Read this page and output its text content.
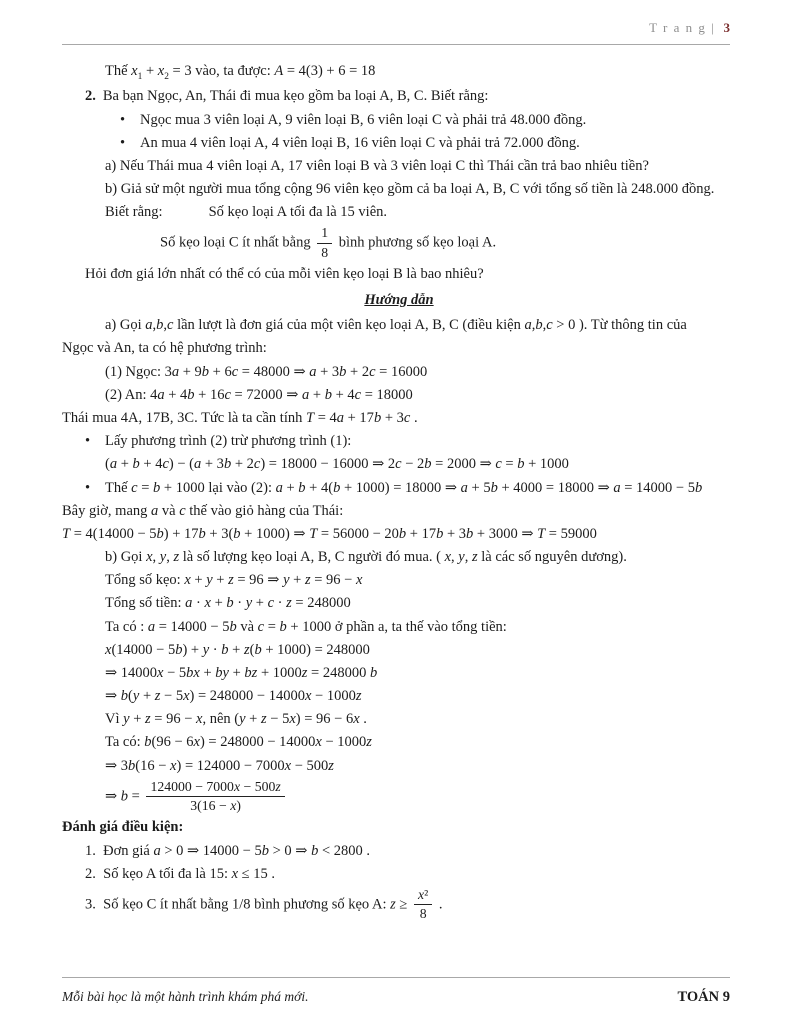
T r a n g | 3
Thế $x_1 + x_2 = 3$ vào, ta được: A = 4(3) + 6 = 18
2. Ba bạn Ngọc, An, Thái đi mua kẹo gồm ba loại A, B, C. Biết rằng:
• Ngọc mua 3 viên loại A, 9 viên loại B, 6 viên loại C và phải trả 48.000 đồng.
• An mua 4 viên loại A, 4 viên loại B, 16 viên loại C và phải trả 72.000 đồng.
a) Nếu Thái mua 4 viên loại A, 17 viên loại B và 3 viên loại C thì Thái cần trả bao nhiêu tiền?
b) Giả sử một người mua tổng cộng 96 viên kẹo gồm cả ba loại A, B, C với tổng số tiền là 248.000 đồng.
Biết rằng:	Số kẹo loại A tối đa là 15 viên.
Số kẹo loại C ít nhất bằng $\frac{1}{8}$ bình phương số kẹo loại A.
Hỏi đơn giá lớn nhất có thể có của mỗi viên kẹo loại B là bao nhiêu?
Hướng dẫn
a) Gọi a,b,c lần lượt là đơn giá của một viên kẹo loại A, B, C (điều kiện a,b,c > 0 ). Từ thông tin của
Ngọc và An, ta có hệ phương trình:
(1) Ngọc: 3a + 9b + 6c = 48000 ⇒ a + 3b + 2c = 16000
(2) An: 4a + 4b + 16c = 72000 ⇒ a + b + 4c = 18000
Thái mua 4A, 17B, 3C. Tức là ta cần tính T = 4a + 17b + 3c .
• Lấy phương trình (2) trừ phương trình (1):
(a + b + 4c) − (a + 3b + 2c) = 18000 − 16000 ⇒ 2c − 2b = 2000 ⇒ c = b + 1000
• Thế c = b + 1000 lại vào (2): a + b + 4(b + 1000) = 18000 ⇒ a + 5b + 4000 = 18000 ⇒ a = 14000 − 5b
Bây giờ, mang a và c thế vào giỏ hàng của Thái:
T = 4(14000 − 5b) + 17b + 3(b + 1000) ⇒ T = 56000 − 20b + 17b + 3b + 3000 ⇒ T = 59000
b) Gọi x, y, z là số lượng kẹo loại A, B, C người đó mua. ( x, y, z là các số nguyên dương).
Tổng số kẹo: x + y + z = 96 ⇒ y + z = 96 − x
Tổng số tiền: a · x + b · y + c · z = 248000
Ta có : a = 14000 − 5b và c = b + 1000 ở phần a, ta thế vào tổng tiền:
x(14000 − 5b) + y · b + z(b + 1000) = 248000
⇒ 14000x − 5bx + by + bz + 1000z = 248000 b
⇒ b(y + z − 5x) = 248000 − 14000x − 1000z
Vì y + z = 96 − x, nên (y + z − 5x) = 96 − 6x .
Ta có: b(96 − 6x) = 248000 − 14000x − 1000z
⇒ 3b(16 − x) = 124000 − 7000x − 500z
⇒ $b = \frac{124000 - 7000x - 500z}{3(16 - x)}$
Đánh giá điều kiện:
1.  Đơn giá a > 0 ⇒ 14000 − 5b > 0 ⇒ b < 2800 .
2.  Số kẹo A tối đa là 15: x ≤ 15 .
3.  Số kẹo C ít nhất bằng 1/8 bình phương số kẹo A: $z \ge \frac{\text{x²}}{8}$ .
Mỗi bài học là một hành trình khám phá mới.	TOÁN 9
